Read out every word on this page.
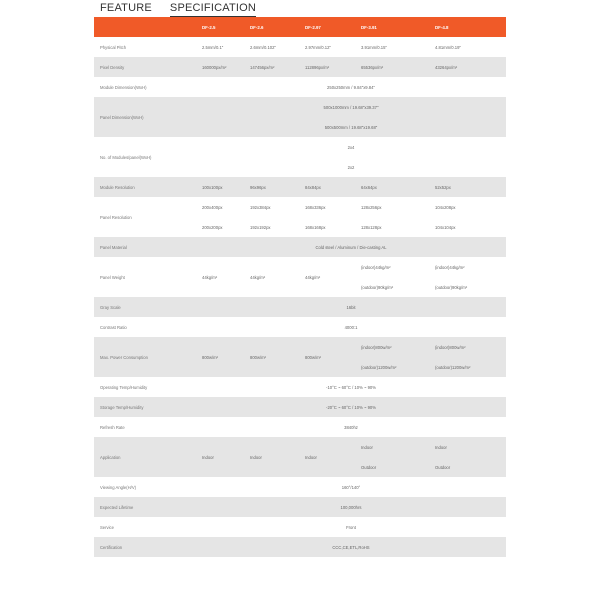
FEATURE SPECIFICATION
	DF-2.5	DF-2.6	DF-2.97	DF-3.91	DF-4.8
Physical Pitch	2.5mm/0.1"	2.6mm/0.102"	2.97mm/0.12"	3.91mm/0.15"	4.81mm/0.19"
Pixel Density	160000px/m²	147456px/m²	112896px/m²	65536px/m²	43264px/m²
Module Dimension(WxH)	250x250mm / 9.84"x9.84"				
Panel Dimension(WxH)	500x1000mm / 19.68"x39.37"				
	500x500mm / 19.68"x19.68"				
No. of Modules/panel(WxH)	2x4				
	2x2				
Module Resolution	100x100px	96x96px	84x84px	64x64px	52x52px
Panel Resolution	200x400px	192x384px	168x336px	128x256px	104x208px
	200x200px	192x192px	168x168px	128x128px	104x104px
Panel Material	Cold steel / Aluminum / Die-casting AL				
Panel Weight	44kg/m²	44kg/m²	44kg/m²	(indoor)44kg/m²	(indoor)44kg/m²
				(outdoor)90kg/m²	(outdoor)90kg/m²
Gray Scale	16bit				
Contrast Ratio	4000:1				
Max. Power Consumption	800w/m²	800w/m²	800w/m²	(indoor)800w/m²	(indoor)800w/m²
				(outdoor)1200w/m²	(outdoor)1200w/m²
Operating Temp/Humidity	-10°C ~ 60°C / 10% ~ 90%				
Storage Temp/Humidity	-20°C ~ 60°C / 10% ~ 90%				
Refresh Rate	3840hz				
Application	Indoor	Indoor	Indoor	Indoor	Indoor
				Outdoor	Outdoor
Viewing Angle(H/V)	160°/140°				
Expected Lifetime	100,000hrs				
Service	Front				
Certification	CCC,CE,ETL,RoHS				
